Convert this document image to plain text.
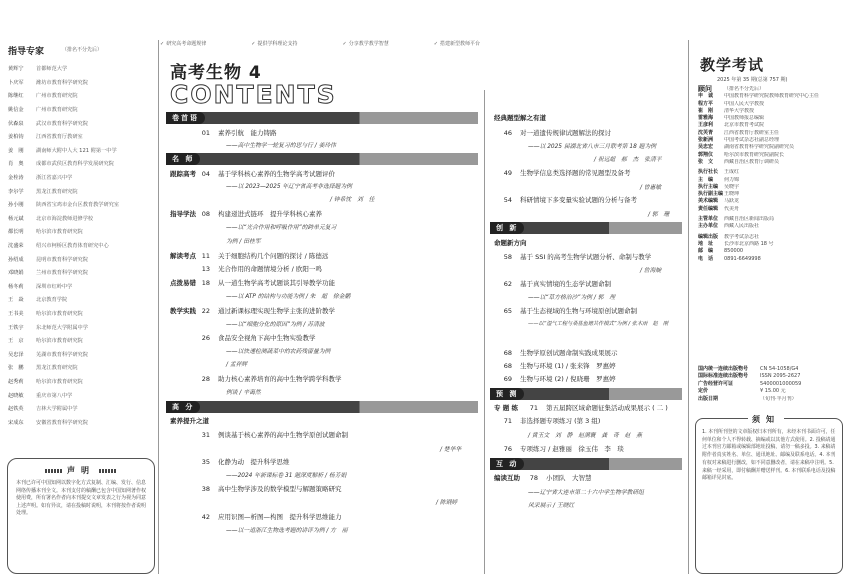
✓ 研究高考命题规律	✓ 提供学科理论支持	✓ 分享教学教学智慧	✓ 搭建新型教师平台
指导专家	（排名不分先后）
黄辉宁	首都师范大学
卜庆军	潍坊市教育科学研究院
陈继红	广州市教育研究院
姚信金	广州市教育研究院
伏森泉	武汉市教育科学研究院
姜柏钧	江西省教育厅教研室
姜　刚	湖南师大附中人大 121 附第一中学
肖　奥	成都市武侯区教育科学发展研究院
金栓涛	浙江省嘉兴中学
李尔学	黑龙江教育研究院
孙小刚	陕西省宝鸡市金台区教育教学研究室
杨元斌	北京市海淀教师进修学校
都长明	哈尔滨市教育研究院
沈盛荣	绍兴市柯桥区教育体育研究中心
孙绍成	昆明市教育科学研究院
邓晓娟	兰州市教育科学研究院
杨冬莉	深圳市红岭中学
王　焱	北京教育学院
王书美	哈尔滨市教育研究院
王铁宇	东北师范大学附属中学
王　京	哈尔滨市教育研究院
吴忠泽	芜湖市教育科学研究院
张　鹏	黑龙江教育研究院
赵秀莉	哈尔滨市教育研究院
赵晓敏	重庆市第八中学
赵铁英	吉林大学附属中学
宋成东	安徽省教育科学研究院
声明
本刊已许可中国知网以数字化方式复制、汇编、发行、信息网络传播本刊全文。本刊支付的稿酬已包含中国知网著作权使用费，所有署名作者向本刊提交文章发表之行为视为同意上述声明。如有异议，请在投稿时说明，本刊将按作者说明处理。
高考生物 4
CONTENTS
卷首语
01 素养引航　能力铸路
——高中生物学一轮复习的思与行 / 姜玲伟
名 师
跟踪高考 04 基于学科核心素养的生物学高考试题评价
——以 2023—2025 年辽宁省高考非选择题为例
/ 钟希忱　刘　佳
指导学法 08 构建递进式链环　提升学科核心素养
——以“光合作用和呼吸作用”的跨单元复习
为例 / 田桂军
解读考点 11 关于细胞结构几个问题的探讨 / 陈德远
13 光合作用的命题情境分析 / 欧阳一鸣
点拨易错 18 从一道生物学高考试题谈其引导教学功能
——以 ATP 的结构与功能为例 / 朱　超　徐金鹏
教学实践 22 通过新课标理实现生物学主张的进阶教学
——以“细胞分化的原因”为例 / 苏清波
26 食品安全视角下高中生物实验教学
——以快速检测蔬菜中的农药残留量为例
/ 孟祥辉
28 助力核心素养培育的高中生物学跨学科教学
例谈 / 辛蔼然
高 分
素养提升之道
31 例谈基于核心素养的高中生物学原创试题命制
/ 楚华华
35 化静为动　提升科学思维
——2024 年新课标卷 31 题深度解析 / 杨芳娟
38 高中生物学涉及的数学模型与解题策略研究
/ 陈钢婷
42 应用识图—析图—构图　提升科学思维能力
——以一道浙江生物选考题的讲评为例 / 方　丽
经典题型解之有道
46 对一道遗传规律试题解法的探讨
——以 2025 届湖北省八市三月联考第 18 题为例
/ 祝远超　郝　杰　张清平
49 生物学信息类选择题的常见题型及备考
/ 曾惠敏
54 科研情境下多变量实验试题的分析与备考
/ 郭　珊
创 新
命题新方向
58 基于 SSI 的高考生物学试题分析、命制与教学
/ 詹海婉
62 基于真实情境的生态学试题命制
——以“草方格治沙”为例 / 郭　理
65 基于生态视域的生物与环境原创试题命制
——以“湿气工程与桑基鱼塘共作模式”为例 / 张木雨　赵　刚
68 生物学原创试题命制实践成果展示
68 生物与环境 (1) / 张来锋　罗惠婷
69 生物与环境 (2) / 倪晓珊　罗惠婷
预 测
专 题 练	71 第五届跨区域命题征集活动成果展示 ( 二 )
71 非选择题专项练习 (第 3 组)
/ 黄玉文　刘　静　赵满寰　龚　奇　赵　燕
76 专项练习 / 赵雅丽　徐玉伟　李　琰
互 动
编读互助	78 小团队　大智慧
——辽宁省大连市第二十六中学生物学教研组
风采展示 / 王晓红
教学考试
2025 年第 35 期(总第 757 期)
顾问	（排名不分先后）
申　诚	中国教育科学研究院教师教育研究中心主任
程方平	中国人民大学教授
崔　刚	清华大学教授
雷雅海	中国教师报总编辑
王彦利	北京市教育考试院
沈芙青	江西省教育厅教研室主任
张新洲	中国考试杂志社副总经理
吴忠宏	湖南省教育科学研究院副研究员
郭翔仪	哈尔滨市教育研究院副院长
张　文	西藏自治区教育厅调研员
执行社长	王成红
主　编	何力锦
执行主编	吴晓宇
执行副主编 王晓坤
美术编辑	马跃龙
责任编辑	代美舟
主管单位	西藏自治区新闻出版局
主办单位	西藏人民出版社
编辑出版	教学考试杂志社
地　址	长沙市北京西路 18 号
邮　编	850000
电　话	0891-6649998
国内统一连续出版物号	CN 54-1058/G4
国际标准连续出版物号	ISSN 2095-2627
广告经营许可证	5400001000059
定价	¥ 15.00 元
出版日期	（旬刊·半月刊）
须知
1. 本刊所刊登的文章版权归本刊所有，未经本刊书面许可，任何单位和个人不得转载、摘编或以其他方式使用。2. 投稿请通过本刊官方邮箱或编辑部地址投稿，请勿一稿多投。3. 来稿请附作者真实姓名、单位、通讯地址、邮编及联系电话。4. 本刊有权对来稿进行删改，如不同意删改者，请在来稿中注明。5. 来稿一经采用，即付稿酬并赠送样刊。6. 本刊联系电话及投稿邮箱详见封底。
